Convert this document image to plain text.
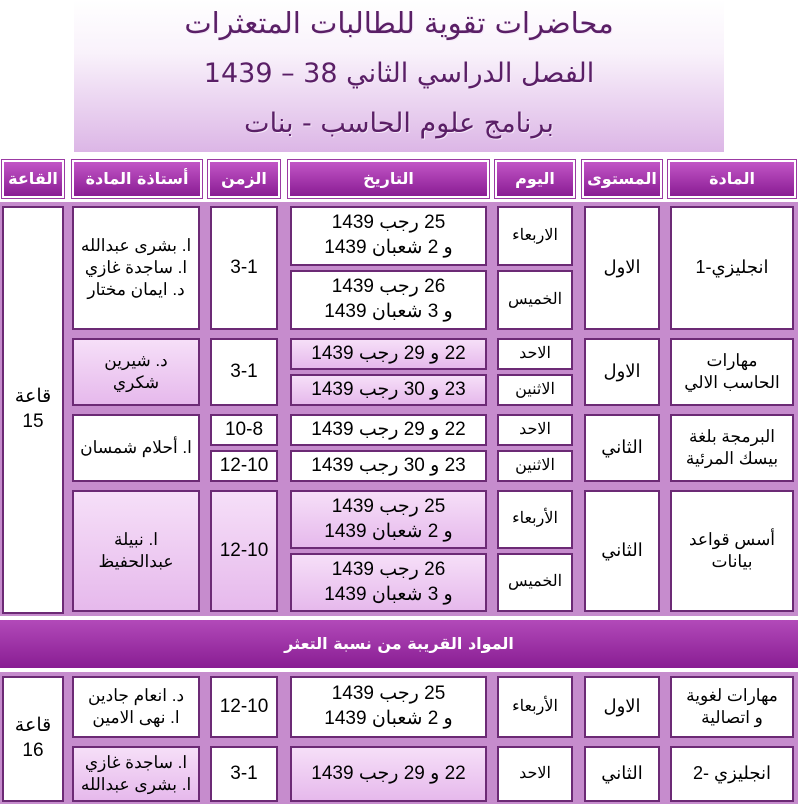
محاضرات تقوية للطالبات المتعثرات
الفصل الدراسي الثاني 38 – 1439
برنامج علوم الحاسب - بنات
المادة
المستوى
اليوم
التاريخ
الزمن
أستاذة المادة
القاعة
قاعة
15
انجليزي-1
الاول
الاربعاء
الخميس
25 رجب 1439
و 2 شعبان 1439
26 رجب 1439
و 3 شعبان 1439
3-1
ا. بشرى عبدالله
ا. ساجدة غازي
د. ايمان مختار
مهارات
الحاسب الالي
الاول
الاحد
الاثنين
22 و 29 رجب 1439
23 و 30 رجب 1439
3-1
د. شيرين
شكري
البرمجة بلغة
بيسك المرئية
الثاني
الاحد
الاثنين
22 و 29 رجب 1439
23 و 30 رجب 1439
10-8
12-10
ا. أحلام شمسان
أسس قواعد
بيانات
الثاني
الأربعاء
الخميس
25 رجب 1439
و 2 شعبان 1439
26 رجب 1439
و 3 شعبان 1439
12-10
ا. نبيلة
عبدالحفيظ
المواد القريبة من نسبة التعثر
قاعة
16
مهارات لغوية
و اتصالية
الاول
الأربعاء
25 رجب 1439
و 2 شعبان 1439
12-10
د. انعام جادين
ا. نهى الامين
انجليزي -2
الثاني
الاحد
22 و 29 رجب 1439
3-1
ا. ساجدة غازي
ا. بشرى عبدالله
